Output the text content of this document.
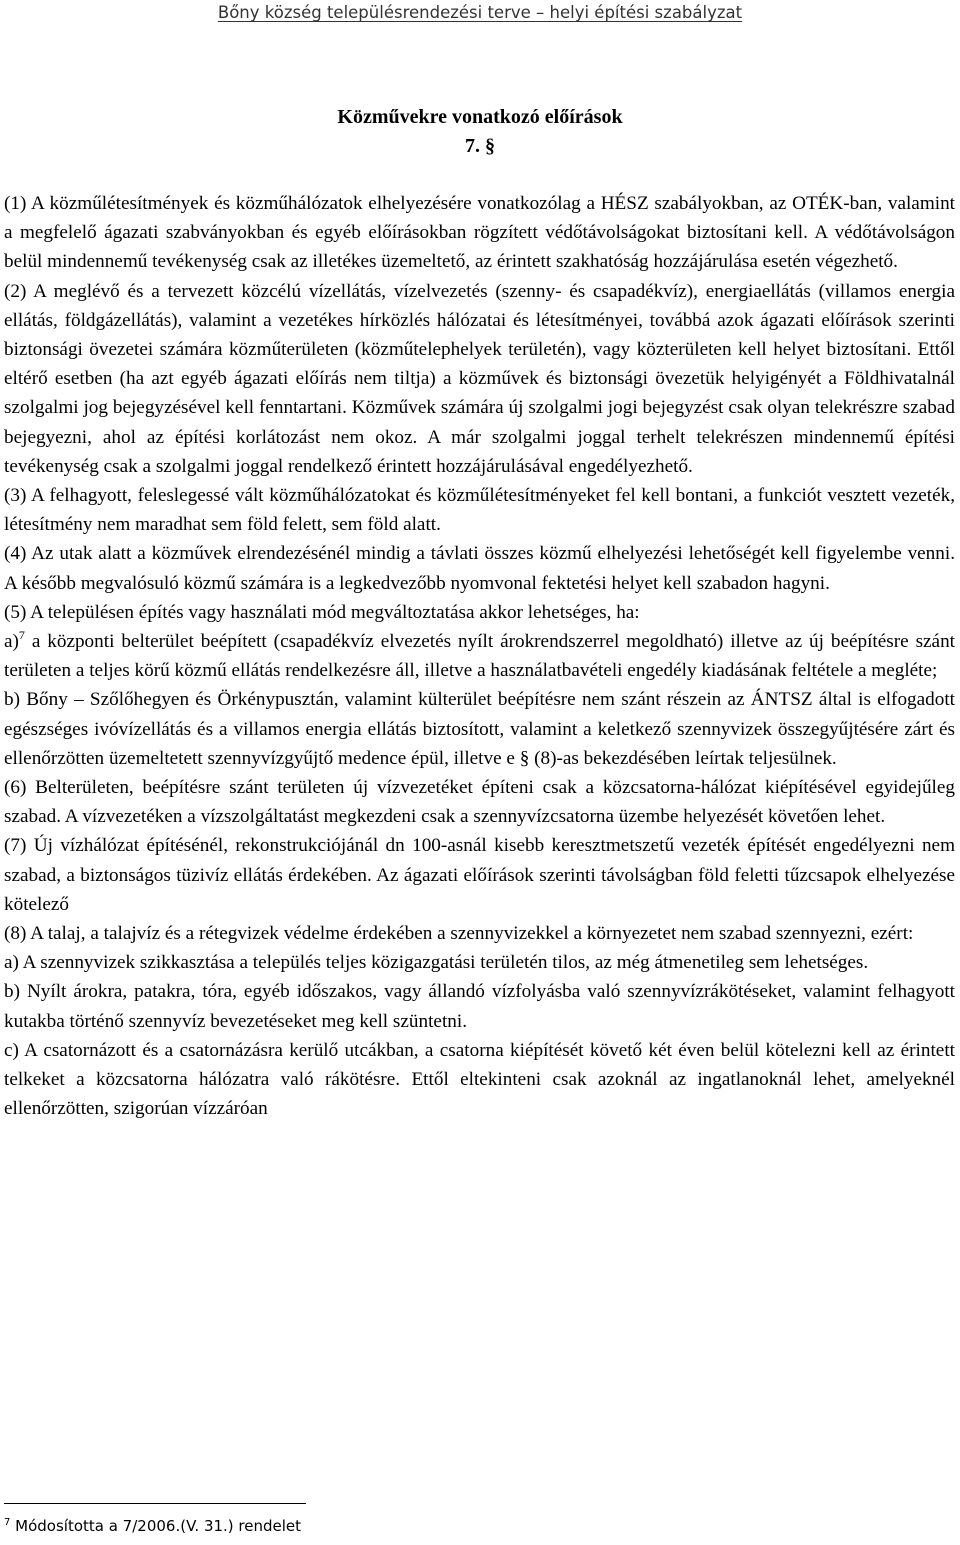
Bőny község településrendezési terve – helyi építési szabályzat
Közművekre vonatkozó előírások
7. §

(1) A közműlétesítmények és közműhálózatok elhelyezésére vonatkozólag a HÉSZ szabályokban, az OTÉK-ban, valamint a megfelelő ágazati szabványokban és egyéb előírásokban rögzített védőtávolságokat biztosítani kell. A védőtávolságon belül mindennemű tevékenység csak az illetékes üzemeltető, az érintett szakhatóság hozzájárulása esetén végezhető.

(2) A meglévő és a tervezett közcélú vízellátás, vízelvezetés (szenny- és csapadékvíz), energiaellátás (villamos energia ellátás, földgázellátás), valamint a vezetékes hírközlés hálózatai és létesítményei, továbbá azok ágazati előírások szerinti biztonsági övezetei számára közműterületen (közműtelephelyek területén), vagy közterületen kell helyet biztosítani. Ettől eltérő esetben (ha azt egyéb ágazati előírás nem tiltja) a közművek és biztonsági övezetük helyigényét a Földhivatalnál szolgalmi jog bejegyzésével kell fenntartani. Közművek számára új szolgalmi jogi bejegyzést csak olyan telekrészre szabad bejegyezni, ahol az építési korlátozást nem okoz. A már szolgalmi joggal terhelt telekrészen mindennemű építési tevékenység csak a szolgalmi joggal rendelkező érintett hozzájárulásával engedélyezhető.

(3) A felhagyott, feleslegessé vált közműhálózatokat és közműlétesítményeket fel kell bontani, a funkciót vesztett vezeték, létesítmény nem maradhat sem föld felett, sem föld alatt.

(4) Az utak alatt a közművek elrendezésénél mindig a távlati összes közmű elhelyezési lehetőségét kell figyelembe venni. A később megvalósuló közmű számára is a legkedvezőbb nyomvonal fektetési helyet kell szabadon hagyni.

(5) A településen építés vagy használati mód megváltoztatása akkor lehetséges, ha:

a)$^7$ a központi belterület beépített (csapadékvíz elvezetés nyílt árokrendszerrel megoldható) illetve az új beépítésre szánt területen a teljes körű közmű ellátás rendelkezésre áll, illetve a használatbavételi engedély kiadásának feltétele a megléte;

b) Bőny – Szőlőhegyen és Örkénypusztán, valamint külterület beépítésre nem szánt részein az ÁNTSZ által is elfogadott egészséges ivóvízellátás és a villamos energia ellátás biztosított, valamint a keletkező szennyvizek összegyűjtésére zárt és ellenőrzötten üzemeltetett szennyvízgyűjtő medence épül, illetve e § (8)-as bekezdésében leírtak teljesülnek.

(6) Belterületen, beépítésre szánt területen új vízvezetéket építeni csak a közcsatorna-hálózat kiépítésével egyidejűleg szabad. A vízvezetéken a vízszolgáltatást megkezdeni csak a szennyvízcsatorna üzembe helyezését követően lehet.

(7) Új vízhálózat építésénél, rekonstrukciójánál dn 100-asnál kisebb keresztmetszetű vezeték építését engedélyezni nem szabad, a biztonságos tüzivíz ellátás érdekében. Az ágazati előírások szerinti távolságban föld feletti tűzcsapok elhelyezése kötelező

(8) A talaj, a talajvíz és a rétegvizek védelme érdekében a szennyvizekkel a környezetet nem szabad szennyezni, ezért:

a) A szennyvizek szikkasztása a település teljes közigazgatási területén tilos, az még átmenetileg sem lehetséges.

b) Nyílt árokra, patakra, tóra, egyéb időszakos, vagy állandó vízfolyásba való szennyvízrákötéseket, valamint felhagyott kutakba történő szennyvíz bevezetéseket meg kell szüntetni.

c) A csatornázott és a csatornázásra kerülő utcákban, a csatorna kiépítését követő két éven belül kötelezni kell az érintett telkeket a közcsatorna hálózatra való rákötésre. Ettől eltekinteni csak azoknál az ingatlanoknál lehet, amelyeknél ellenőrzötten, szigorúan vízzáróan

$^7$ Módosította a 7/2006.(V. 31.) rendelet
